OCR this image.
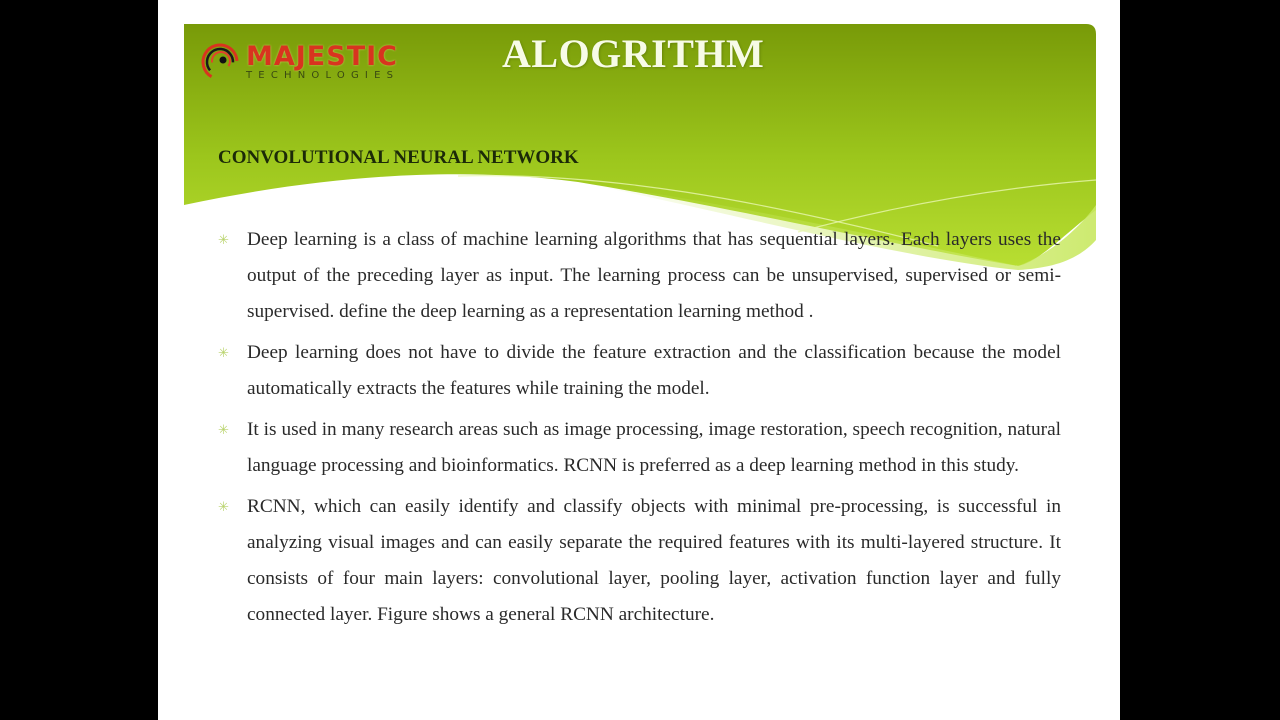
MAJESTIC
TECHNOLOGIES	ALOGRITHM
CONVOLUTIONAL NEURAL NETWORK
✳ Deep learning is a class of machine learning algorithms that has sequential layers. Each layers uses the output of the preceding layer as input. The learning process can be unsupervised, supervised or semi-supervised. define the deep learning as a representation learning method .
✳ Deep learning does not have to divide the feature extraction and the classification because the model automatically extracts the features while training the model.
✳ It is used in many research areas such as image processing, image restoration, speech recognition, natural language processing and bioinformatics. RCNN is preferred as a deep learning method in this study.
✳ RCNN, which can easily identify and classify objects with minimal pre-processing, is successful in analyzing visual images and can easily separate the required features with its multi-layered structure. It consists of four main layers: convolutional layer, pooling layer, activation function layer and fully connected layer. Figure shows a general RCNN architecture.
